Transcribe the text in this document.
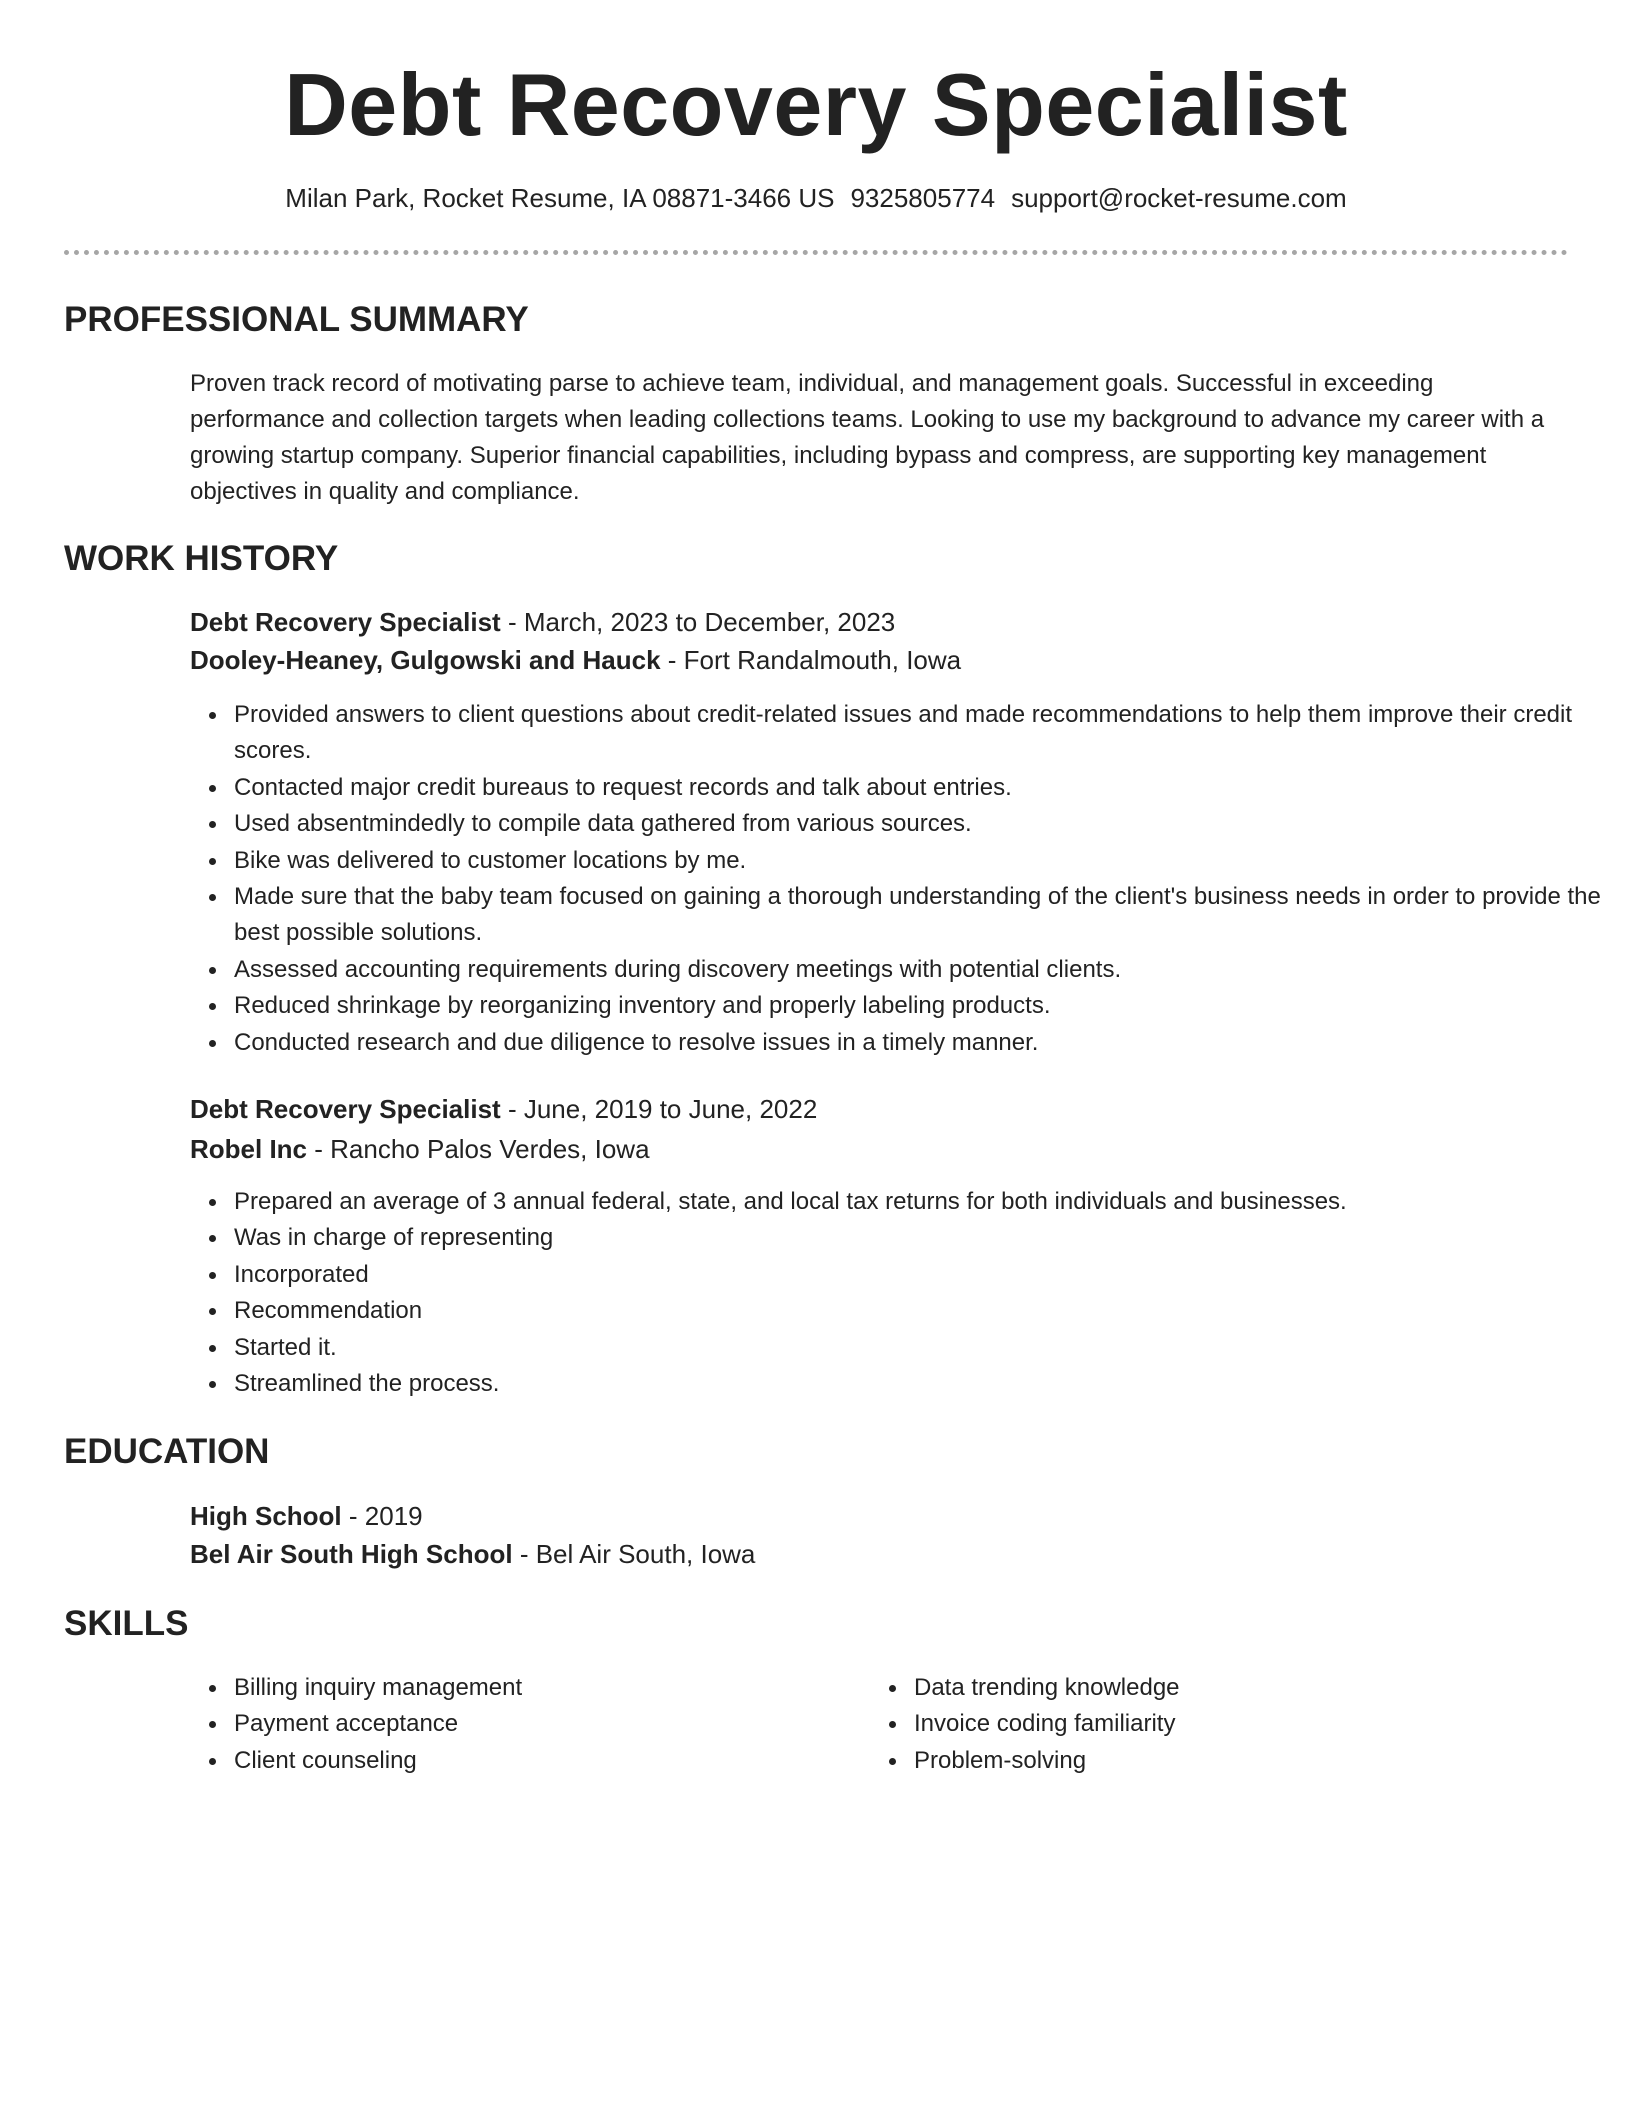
Debt Recovery Specialist
Milan Park, Rocket Resume, IA 08871-3466 US 9325805774 support@rocket-resume.com
PROFESSIONAL SUMMARY

Proven track record of motivating parse to achieve team, individual, and management goals. Successful in exceeding performance and collection targets when leading collections teams. Looking to use my background to advance my career with a growing startup company. Superior financial capabilities, including bypass and compress, are supporting key management objectives in quality and compliance.

WORK HISTORY
Debt Recovery Specialist - March, 2023 to December, 2023
Dooley-Heaney, Gulgowski and Hauck - Fort Randalmouth, Iowa
Provided answers to client questions about credit-related issues and made recommendations to help them improve their credit scores.
Contacted major credit bureaus to request records and talk about entries.
Used absentmindedly to compile data gathered from various sources.
Bike was delivered to customer locations by me.
Made sure that the baby team focused on gaining a thorough understanding of the client's business needs in order to provide the best possible solutions.
Assessed accounting requirements during discovery meetings with potential clients.
Reduced shrinkage by reorganizing inventory and properly labeling products.
Conducted research and due diligence to resolve issues in a timely manner.
Debt Recovery Specialist - June, 2019 to June, 2022
Robel Inc - Rancho Palos Verdes, Iowa
Prepared an average of 3 annual federal, state, and local tax returns for both individuals and businesses.
Was in charge of representing
Incorporated
Recommendation
Started it.
Streamlined the process.
EDUCATION
High School - 2019
Bel Air South High School - Bel Air South, Iowa
SKILLS
Billing inquiry management
Payment acceptance
Client counseling
Data trending knowledge
Invoice coding familiarity
Problem-solving
